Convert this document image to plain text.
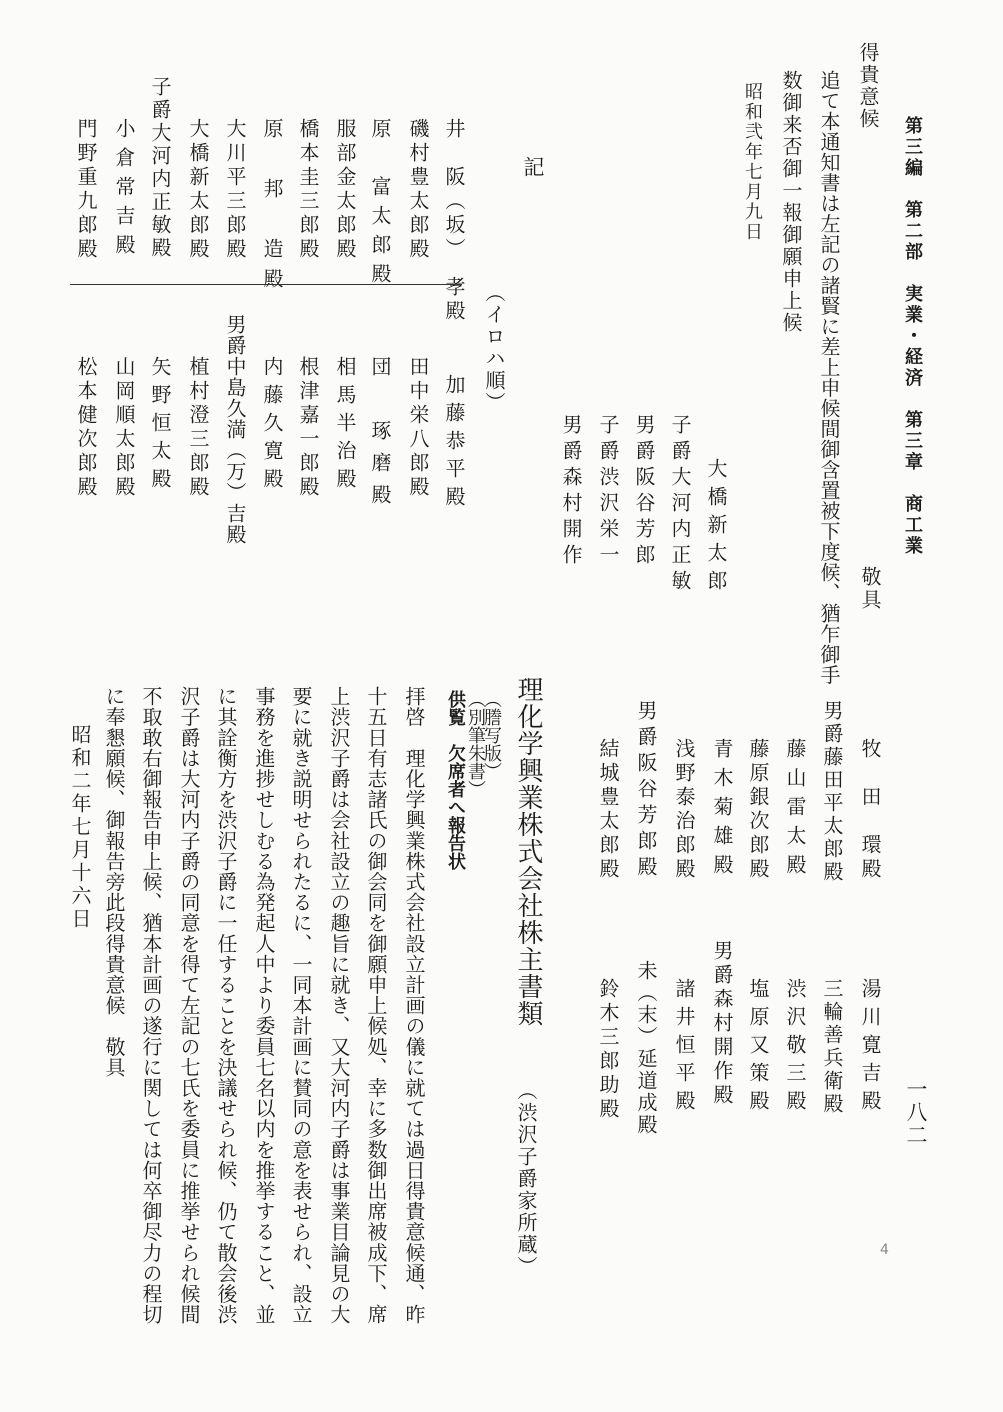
第三編　第二部　実業・経済　第三章　商工業
一八二
得貴意候
追て本通知書は左記の諸賢に差上申候間御含置被下度候、猶乍御手
数御来否御一報御願申上候
敬具
昭和弐年七月九日
大橋新太郎
子爵大河内正敏
男爵阪谷芳郎
子爵渋沢栄一
男爵森村開作
記
（イロハ順）
井　阪（坂）　孝殿
磯村豊太郎殿
原　富太郎殿
服部金太郎殿
橋本圭三郎殿
原　邦　造殿
大川平三郎殿
大橋新太郎殿
子爵大河内正敏殿
小倉常吉殿
門野重九郎殿
加藤恭平殿
田中栄八郎殿
団　琢磨殿
相馬半治殿
根津嘉一郎殿
内藤久寛殿
男爵中島久満（万）吉殿
植村澄三郎殿
矢野恒太殿
山岡順太郎殿
松本健次郎殿
牧　田　環殿
男爵藤田平太郎殿
藤山雷太殿
藤原銀次郎殿
青木菊雄殿
浅野泰治郎殿
男爵阪谷芳郎殿
結城豊太郎殿
湯川寛吉殿
三輪善兵衛殿
渋沢敬三殿
塩原又策殿
男爵森村開作殿
諸井恒平殿
未（末）延道成殿
鈴木三郎助殿
理化学興業株式会社株主書類
（渋沢子爵家所蔵）
（謄写版）
（別筆朱書）
供覧　欠席者へ報告状
拝啓　理化学興業株式会社設立計画の儀に就ては過日得貴意候通、昨
十五日有志諸氏の御会同を御願申上候処、幸に多数御出席被成下、席
上渋沢子爵は会社設立の趣旨に就き、又大河内子爵は事業目論見の大
要に就き説明せられたるに、一同本計画に賛同の意を表せられ、設立
事務を進捗せしむる為発起人中より委員七名以内を推挙すること、並
に其詮衡方を渋沢子爵に一任することを決議せられ候、仍て散会後渋
沢子爵は大河内子爵の同意を得て左記の七氏を委員に推挙せられ候間
不取敢右御報告申上候、猶本計画の遂行に関しては何卒御尽力の程切
に奉懇願候、御報告旁此段得貴意候　敬具
昭和二年七月十六日
4
